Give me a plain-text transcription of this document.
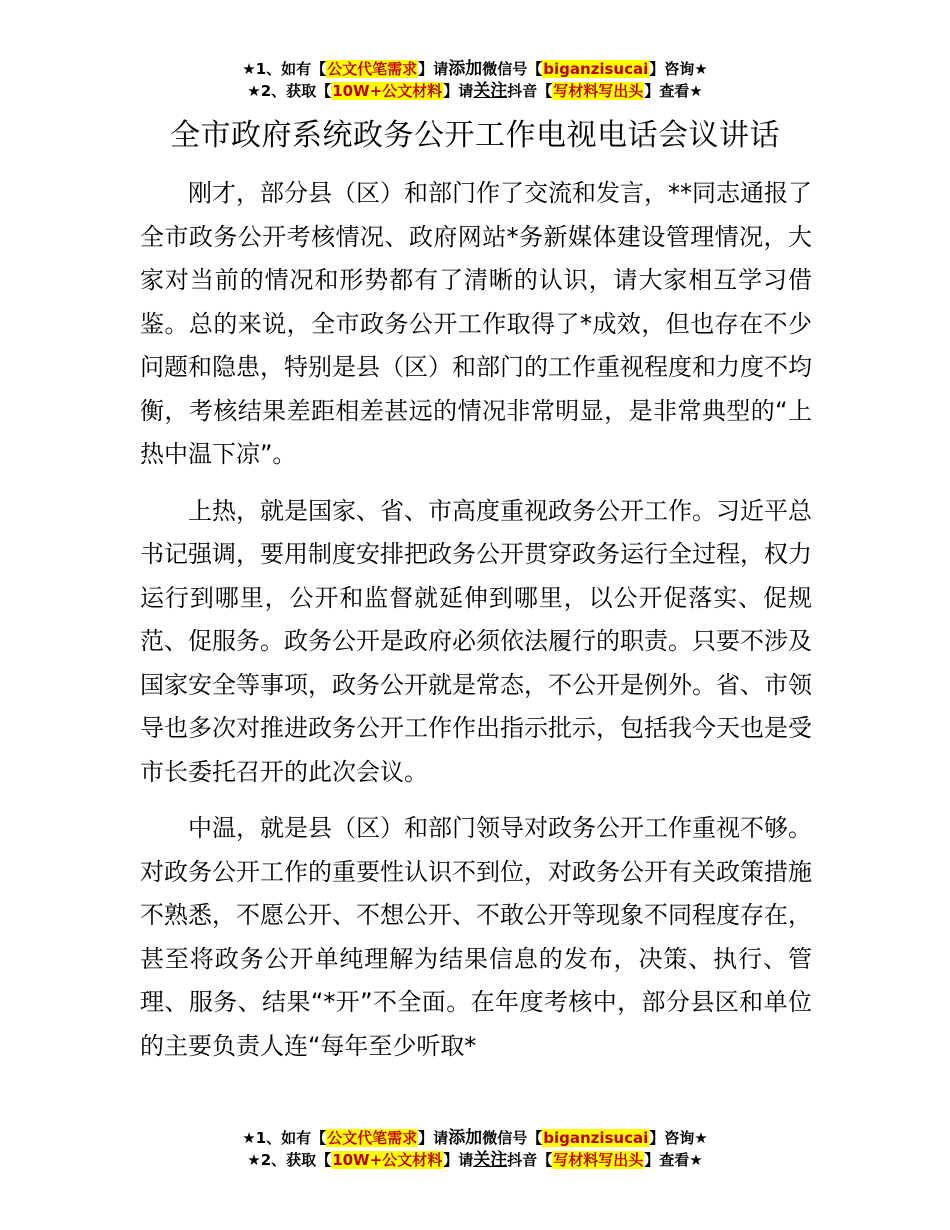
★1、如有【公文代笔需求】请添加微信号【biganzisucai】咨询★
★2、获取【10W+公文材料】请关注抖音【写材料写出头】查看★
全市政府系统政务公开工作电视电话会议讲话

刚才，部分县（区）和部门作了交流和发言，**同志通报了全市政务公开考核情况、政府网站*务新媒体建设管理情况，大家对当前的情况和形势都有了清晰的认识，请大家相互学习借鉴。总的来说，全市政务公开工作取得了*成效，但也存在不少问题和隐患，特别是县（区）和部门的工作重视程度和力度不均衡，考核结果差距相差甚远的情况非常明显，是非常典型的“上热中温下凉”。

上热，就是国家、省、市高度重视政务公开工作。习近平总书记强调，要用制度安排把政务公开贯穿政务运行全过程，权力运行到哪里，公开和监督就延伸到哪里，以公开促落实、促规范、促服务。政务公开是政府必须依法履行的职责。只要不涉及国家安全等事项，政务公开就是常态，不公开是例外。省、市领导也多次对推进政务公开工作作出指示批示，包括我今天也是受市长委托召开的此次会议。

中温，就是县（区）和部门领导对政务公开工作重视不够。对政务公开工作的重要性认识不到位，对政务公开有关政策措施不熟悉，不愿公开、不想公开、不敢公开等现象不同程度存在，甚至将政务公开单纯理解为结果信息的发布，决策、执行、管理、服务、结果“*开”不全面。在年度考核中，部分县区和单位的主要负责人连“每年至少听取*

★1、如有【公文代笔需求】请添加微信号【biganzisucai】咨询★
★2、获取【10W+公文材料】请关注抖音【写材料写出头】查看★
